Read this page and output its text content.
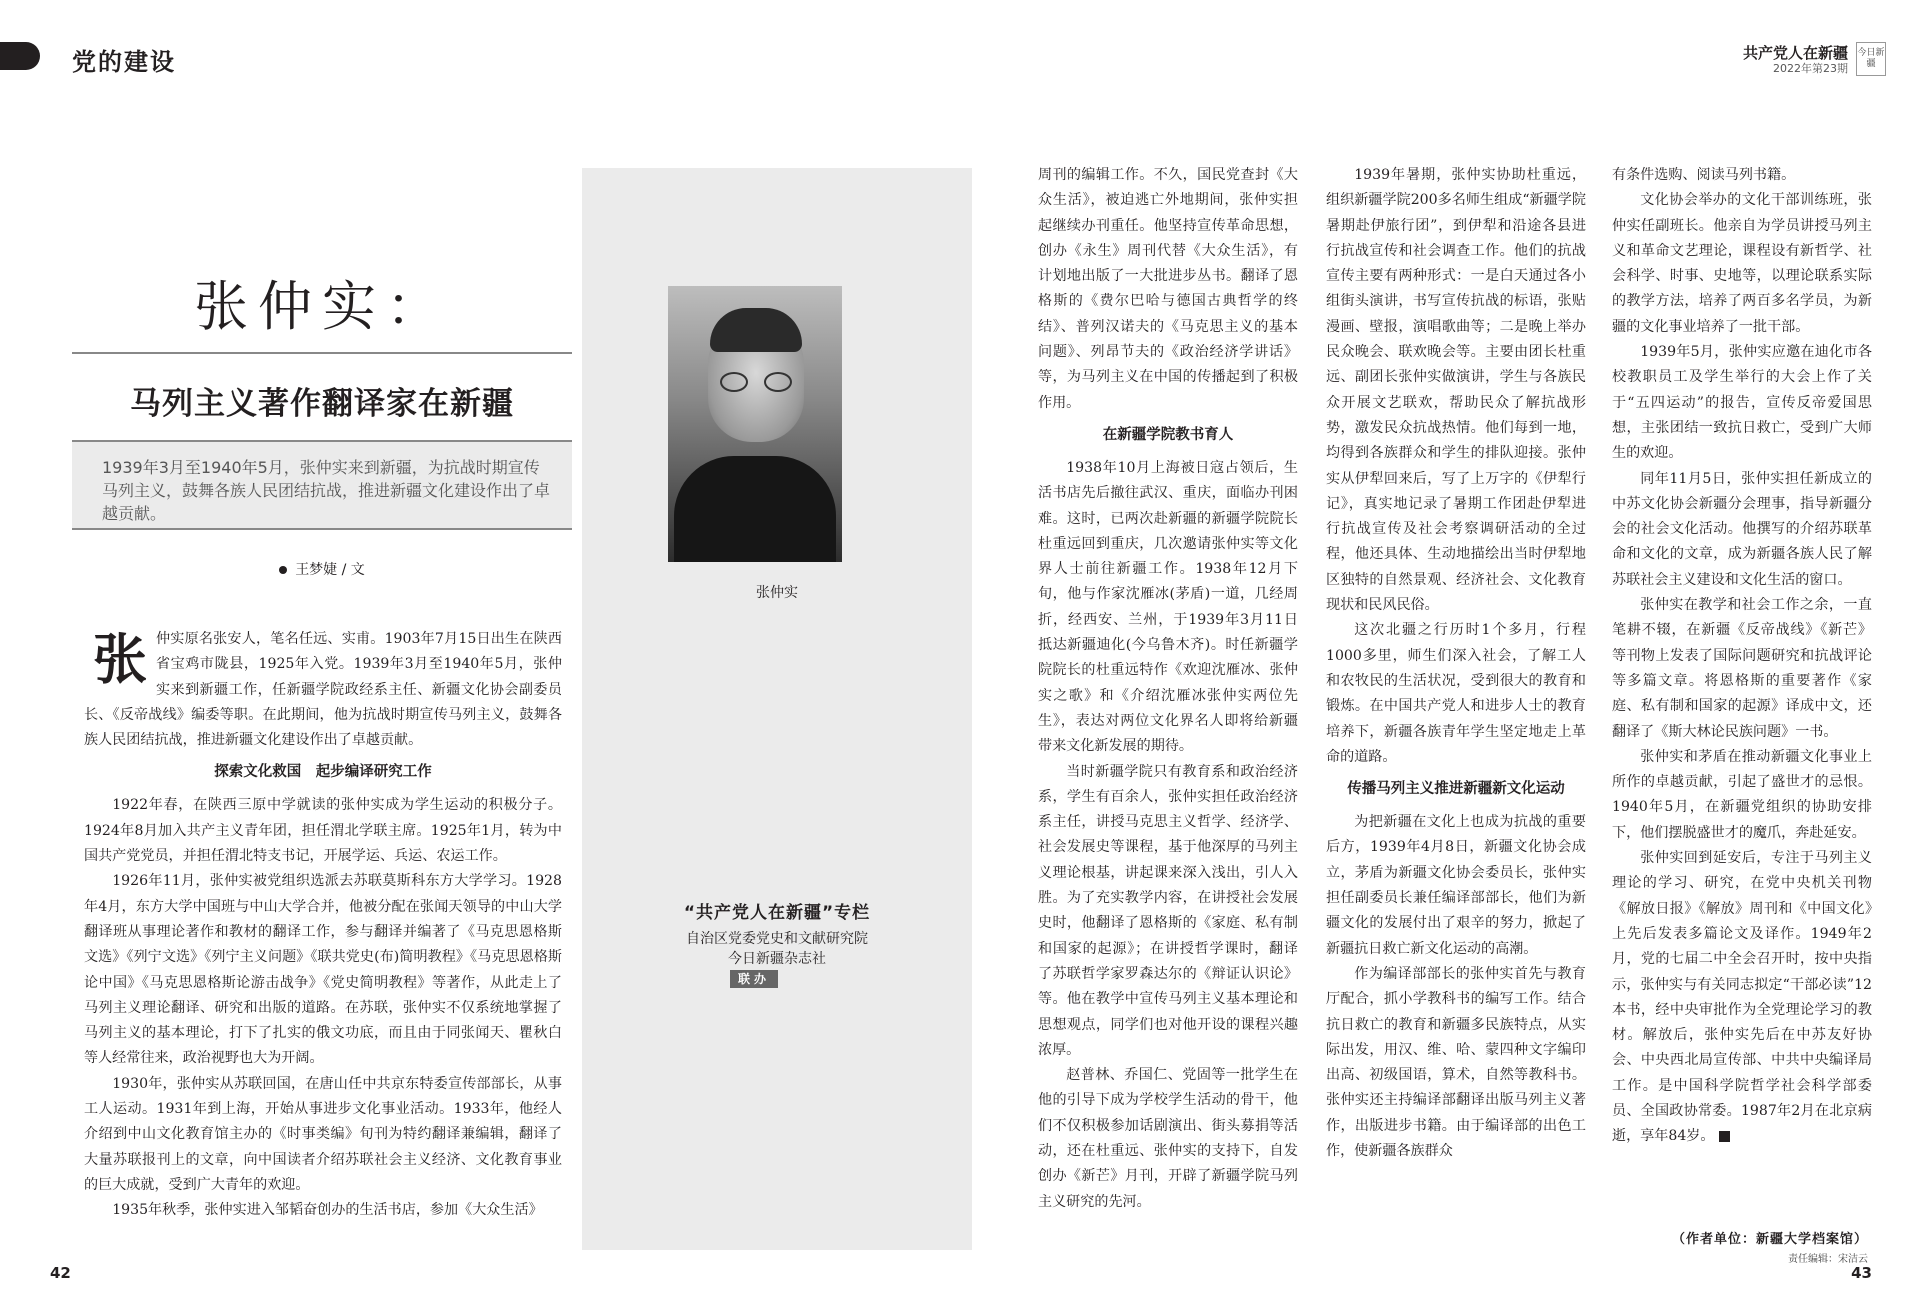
党的建设	共产党人在新疆
2022年第23期
今日新疆
张仲实：
马列主义著作翻译家在新疆
1939年3月至1940年5月，张仲实来到新疆，为抗战时期宣传马列主义，鼓舞各族人民团结抗战，推进新疆文化建设作出了卓越贡献。
王梦婕 / 文
张 仲实原名张安人，笔名任远、实甫。1903年7月15日出生在陕西省宝鸡市陇县，1925年入党。1939年3月至1940年5月，张仲实来到新疆工作，任新疆学院政经系主任、新疆文化协会副委员长、《反帝战线》编委等职。在此期间，他为抗战时期宣传马列主义，鼓舞各族人民团结抗战，推进新疆文化建设作出了卓越贡献。

探索文化救国　起步编译研究工作

1922年春，在陕西三原中学就读的张仲实成为学生运动的积极分子。1924年8月加入共产主义青年团，担任渭北学联主席。1925年1月，转为中国共产党党员，并担任渭北特支书记，开展学运、兵运、农运工作。

1926年11月，张仲实被党组织选派去苏联莫斯科东方大学学习。1928年4月，东方大学中国班与中山大学合并，他被分配在张闻天领导的中山大学翻译班从事理论著作和教材的翻译工作，参与翻译并编著了《马克思恩格斯文选》《列宁文选》《列宁主义问题》《联共党史(布)简明教程》《马克思恩格斯论中国》《马克思恩格斯论游击战争》《党史简明教程》等著作，从此走上了马列主义理论翻译、研究和出版的道路。在苏联，张仲实不仅系统地掌握了马列主义的基本理论，打下了扎实的俄文功底，而且由于同张闻天、瞿秋白等人经常往来，政治视野也大为开阔。

1930年，张仲实从苏联回国，在唐山任中共京东特委宣传部部长，从事工人运动。1931年到上海，开始从事进步文化事业活动。1933年，他经人介绍到中山文化教育馆主办的《时事类编》旬刊为特约翻译兼编辑，翻译了大量苏联报刊上的文章，向中国读者介绍苏联社会主义经济、文化教育事业的巨大成就，受到广大青年的欢迎。

1935年秋季，张仲实进入邹韬奋创办的生活书店，参加《大众生活》

张仲实
“共产党人在新疆”专栏
自治区党委党史和文献研究院
今日新疆杂志社
联办

周刊的编辑工作。不久，国民党查封《大众生活》，被迫逃亡外地期间，张仲实担起继续办刊重任。他坚持宣传革命思想，创办《永生》周刊代替《大众生活》，有计划地出版了一大批进步丛书。翻译了恩格斯的《费尔巴哈与德国古典哲学的终结》、普列汉诺夫的《马克思主义的基本问题》、列昂节夫的《政治经济学讲话》等，为马列主义在中国的传播起到了积极作用。

在新疆学院教书育人

1938年10月上海被日寇占领后，生活书店先后撤往武汉、重庆，面临办刊困难。这时，已两次赴新疆的新疆学院院长杜重远回到重庆，几次邀请张仲实等文化界人士前往新疆工作。1938年12月下旬，他与作家沈雁冰(茅盾)一道，几经周折，经西安、兰州，于1939年3月11日抵达新疆迪化(今乌鲁木齐)。时任新疆学院院长的杜重远特作《欢迎沈雁冰、张仲实之歌》和《介绍沈雁冰张仲实两位先生》，表达对两位文化界名人即将给新疆带来文化新发展的期待。

当时新疆学院只有教育系和政治经济系，学生有百余人，张仲实担任政治经济系主任，讲授马克思主义哲学、经济学、社会发展史等课程，基于他深厚的马列主义理论根基，讲起课来深入浅出，引人入胜。为了充实教学内容，在讲授社会发展史时，他翻译了恩格斯的《家庭、私有制和国家的起源》；在讲授哲学课时，翻译了苏联哲学家罗森达尔的《辩证认识论》等。他在教学中宣传马列主义基本理论和思想观点，同学们也对他开设的课程兴趣浓厚。

赵普林、乔国仁、党固等一批学生在他的引导下成为学校学生活动的骨干，他们不仅积极参加话剧演出、街头募捐等活动，还在杜重远、张仲实的支持下，自发创办《新芒》月刊，开辟了新疆学院马列主义研究的先河。

1939年暑期，张仲实协助杜重远，组织新疆学院200多名师生组成“新疆学院暑期赴伊旅行团”，到伊犁和沿途各县进行抗战宣传和社会调查工作。他们的抗战宣传主要有两种形式：一是白天通过各小组街头演讲，书写宣传抗战的标语，张贴漫画、壁报，演唱歌曲等；二是晚上举办民众晚会、联欢晚会等。主要由团长杜重远、副团长张仲实做演讲，学生与各族民众开展文艺联欢，帮助民众了解抗战形势，激发民众抗战热情。他们每到一地，均得到各族群众和学生的排队迎接。张仲实从伊犁回来后，写了上万字的《伊犁行记》，真实地记录了暑期工作团赴伊犁进行抗战宣传及社会考察调研活动的全过程，他还具体、生动地描绘出当时伊犁地区独特的自然景观、经济社会、文化教育现状和民风民俗。

这次北疆之行历时1个多月，行程1000多里，师生们深入社会，了解工人和农牧民的生活状况，受到很大的教育和锻炼。在中国共产党人和进步人士的教育培养下，新疆各族青年学生坚定地走上革命的道路。

传播马列主义推进新疆新文化运动

为把新疆在文化上也成为抗战的重要后方，1939年4月8日，新疆文化协会成立，茅盾为新疆文化协会委员长，张仲实担任副委员长兼任编译部部长，他们为新疆文化的发展付出了艰辛的努力，掀起了新疆抗日救亡新文化运动的高潮。

作为编译部部长的张仲实首先与教育厅配合，抓小学教科书的编写工作。结合抗日救亡的教育和新疆多民族特点，从实际出发，用汉、维、哈、蒙四种文字编印出高、初级国语，算术，自然等教科书。张仲实还主持编译部翻译出版马列主义著作，出版进步书籍。由于编译部的出色工作，使新疆各族群众

有条件选购、阅读马列书籍。

文化协会举办的文化干部训练班，张仲实任副班长。他亲自为学员讲授马列主义和革命文艺理论，课程设有新哲学、社会科学、时事、史地等，以理论联系实际的教学方法，培养了两百多名学员，为新疆的文化事业培养了一批干部。

1939年5月，张仲实应邀在迪化市各校教职员工及学生举行的大会上作了关于“五四运动”的报告，宣传反帝爱国思想，主张团结一致抗日救亡，受到广大师生的欢迎。

同年11月5日，张仲实担任新成立的中苏文化协会新疆分会理事，指导新疆分会的社会文化活动。他撰写的介绍苏联革命和文化的文章，成为新疆各族人民了解苏联社会主义建设和文化生活的窗口。

张仲实在教学和社会工作之余，一直笔耕不辍，在新疆《反帝战线》《新芒》等刊物上发表了国际问题研究和抗战评论等多篇文章。将恩格斯的重要著作《家庭、私有制和国家的起源》译成中文，还翻译了《斯大林论民族问题》一书。

张仲实和茅盾在推动新疆文化事业上所作的卓越贡献，引起了盛世才的忌恨。1940年5月，在新疆党组织的协助安排下，他们摆脱盛世才的魔爪，奔赴延安。

张仲实回到延安后，专注于马列主义理论的学习、研究，在党中央机关刊物《解放日报》《解放》周刊和《中国文化》上先后发表多篇论文及译作。1949年2月，党的七届二中全会召开时，按中央指示，张仲实与有关同志拟定“干部必读”12本书，经中央审批作为全党理论学习的教材。解放后，张仲实先后在中苏友好协会、中央西北局宣传部、中共中央编译局工作。是中国科学院哲学社会科学部委员、全国政协常委。1987年2月在北京病逝，享年84岁。

（作者单位：新疆大学档案馆）
责任编辑：宋洁云
42	43
